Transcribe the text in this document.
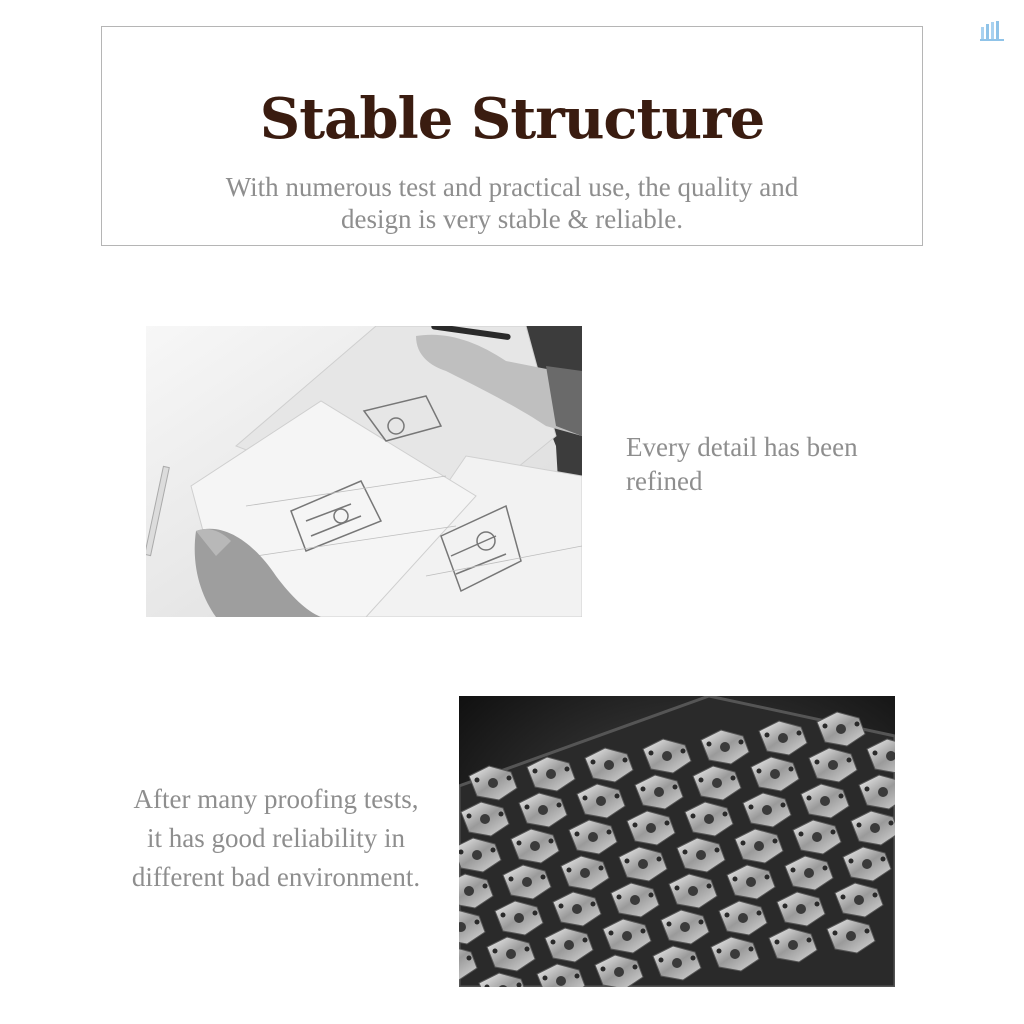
Stable Structure

With numerous test and practical use, the quality and
design is very stable & reliable.

Every detail has been
refined

After many proofing tests,
it has good reliability in
different bad environment.
